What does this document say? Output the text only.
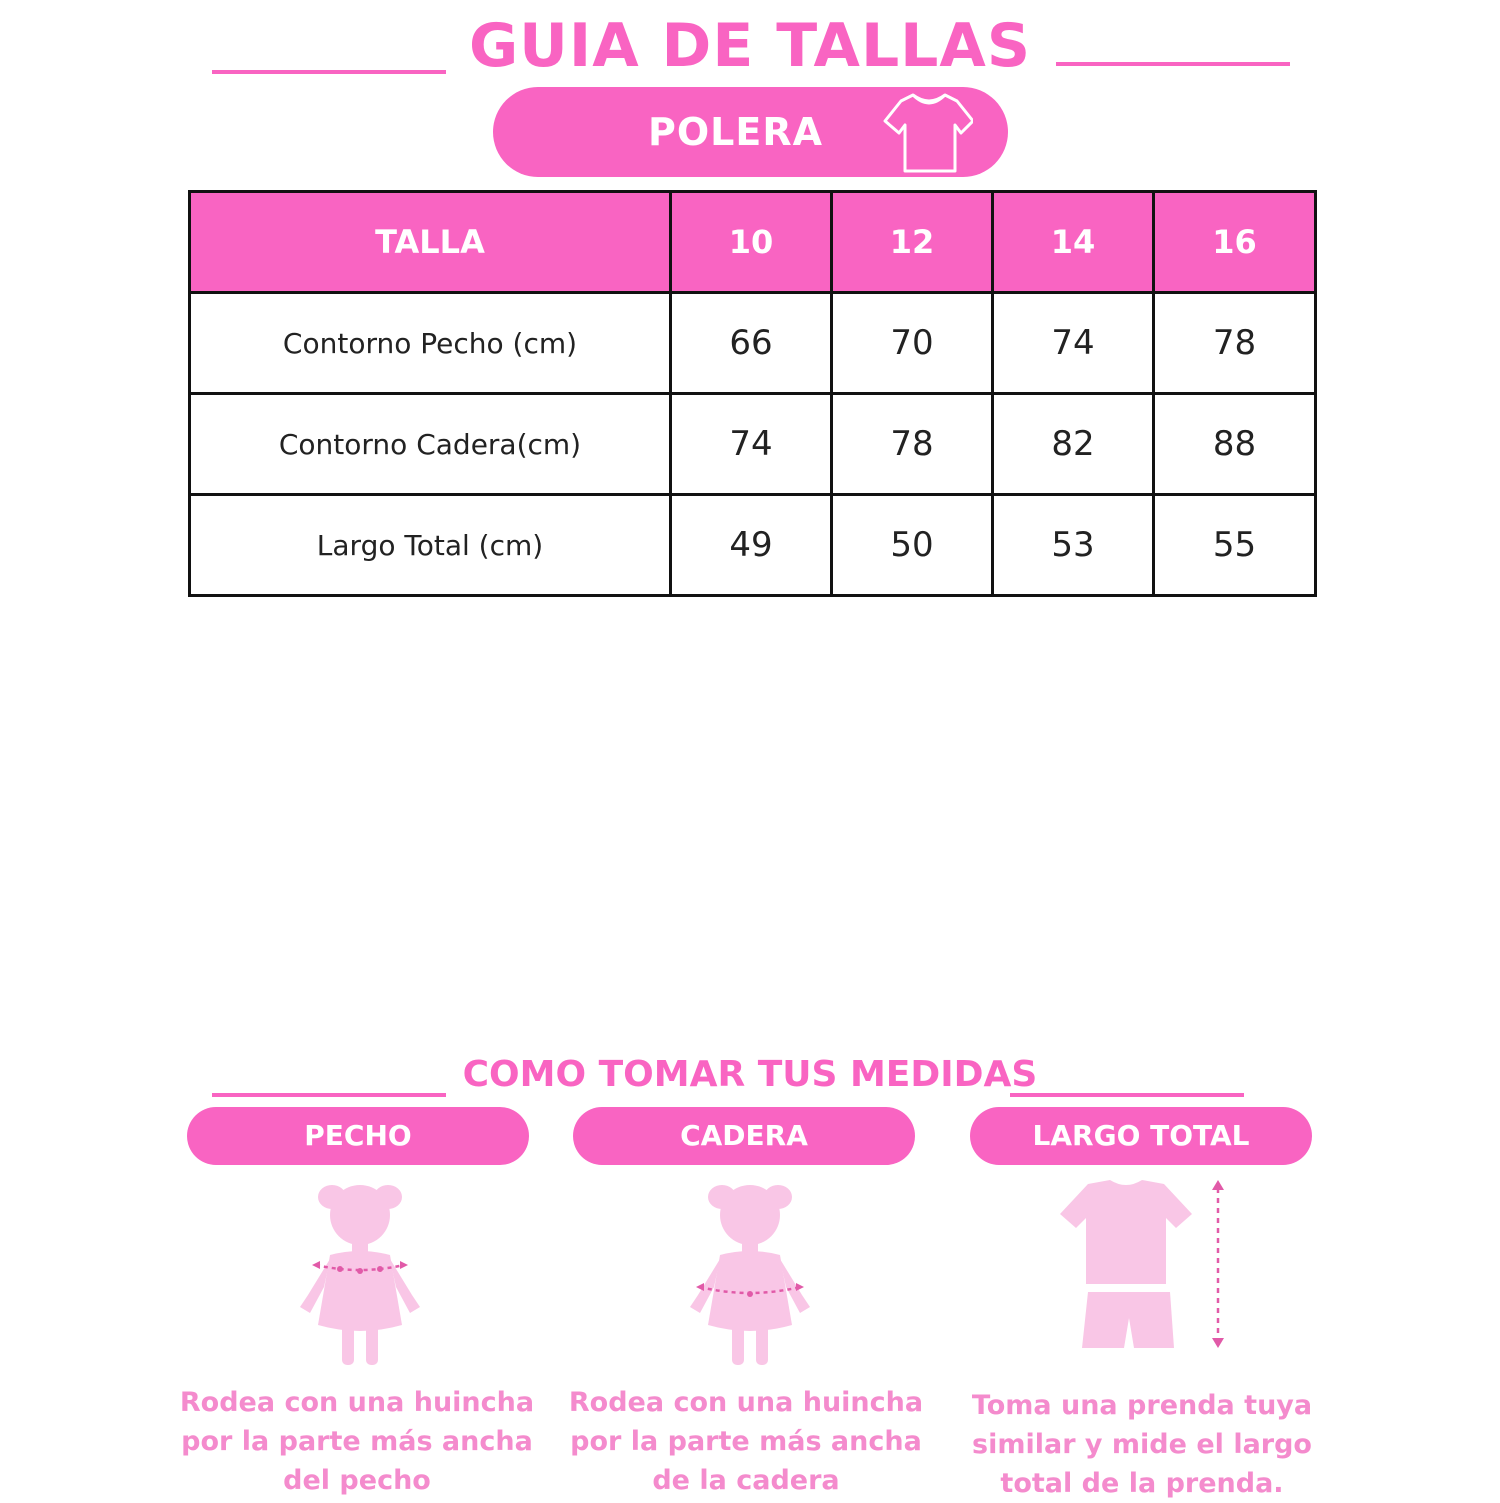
GUIA DE TALLAS
POLERA
TALLA	10	12	14	16
Contorno Pecho (cm)	66	70	74	78
Contorno Cadera(cm)	74	78	82	88
Largo Total (cm)	49	50	53	55
COMO TOMAR TUS MEDIDAS
PECHO	CADERA	LARGO TOTAL
Rodea con una huincha
por la parte más ancha
del pecho
Rodea con una huincha
por la parte más ancha
de la cadera
Toma una prenda tuya
similar y mide el largo
total de la prenda.
